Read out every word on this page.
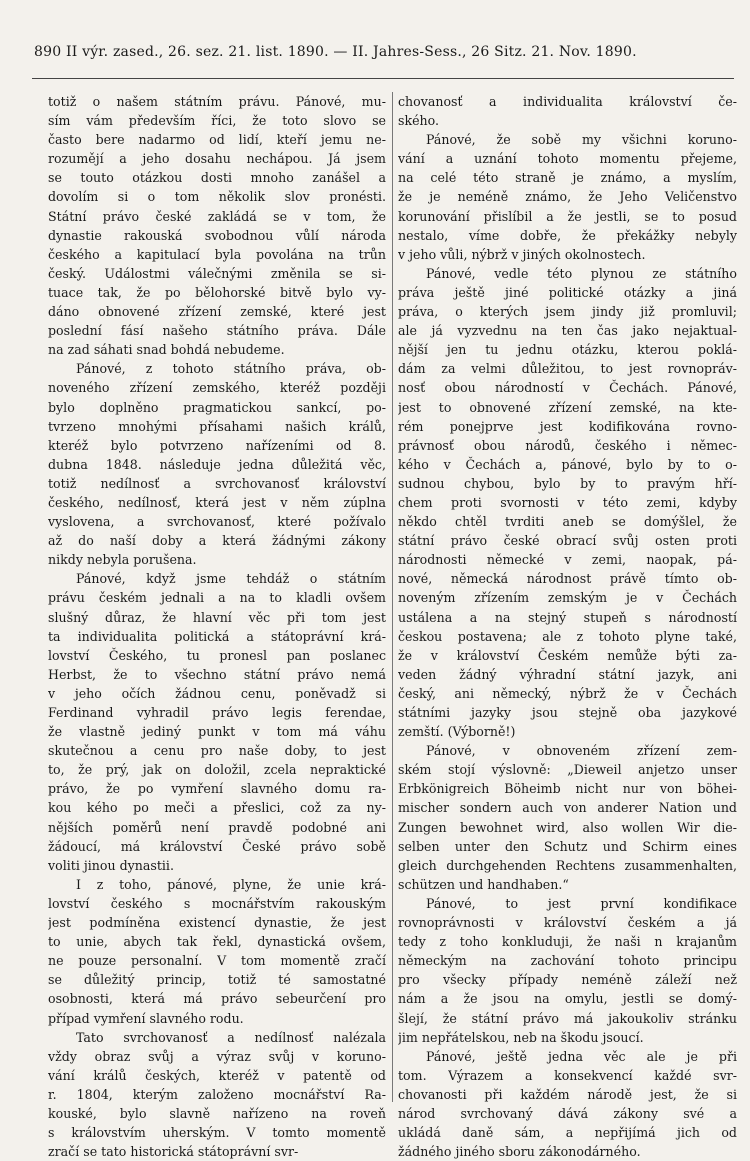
890 II výr. zased., 26. sez. 21. list. 1890. — II. Jahres-Sess., 26 Sitz. 21. Nov. 1890.
totiž o našem státním právu. Pánové, mu-
sím vám především říci, že toto slovo se
často bere nadarmo od lidí, kteří jemu ne-
rozumějí a jeho dosahu nechápou. Já jsem
se touto otázkou dosti mnoho zanášel a
dovolím si o tom několik slov pronésti.
Státní právo české zakládá se v tom, že
dynastie rakouská svobodnou vůlí národa
českého a kapitulací byla povolána na trůn
český. Událostmi válečnými změnila se si-
tuace tak, že po bělohorské bitvě bylo vy-
dáno obnovené zřízení zemské, které jest
poslední fásí našeho státního práva. Dále
na zad sáhati snad bohdá nebudeme.
Pánové, z tohoto státního práva, ob-
noveného zřízení zemského, kteréž později
bylo doplněno pragmatickou sankcí, po-
tvrzeno mnohými přísahami našich králů,
kteréž bylo potvrzeno nařízeními od 8.
dubna 1848. následuje jedna důležitá věc,
totiž nedílnosť a svrchovanosť království
českého, nedílnosť, která jest v něm zúplna
vyslovena, a svrchovanosť, které požívalo
až do naší doby a která žádnými zákony
nikdy nebyla porušena.
Pánové, když jsme tehdáž o státním
právu českém jednali a na to kladli ovšem
slušný důraz, že hlavní věc při tom jest
ta individualita politická a státoprávní krá-
lovství Českého, tu pronesl pan poslanec
Herbst, že to všechno státní právo nemá
v jeho očích žádnou cenu, poněvadž si
Ferdinand vyhradil právo legis ferendae,
že vlastně jediný punkt v tom má váhu
skutečnou a cenu pro naše doby, to jest
to, že prý, jak on doložil, zcela nepraktické
právo, že po vymření slavného domu ra-
kou kého po meči a přeslici, což za ny-
nějších poměrů není pravdě podobné ani
žádoucí, má království České právo sobě
voliti jinou dynastii.
I z toho, pánové, plyne, že unie krá-
lovství českého s mocnářstvím rakouským
jest podmíněna existencí dynastie, že jest
to unie, abych tak řekl, dynastická ovšem,
ne pouze personalní. V tom momentě zračí
se důležitý princip, totiž té samostatné
osobnosti, která má právo sebeurčení pro
případ vymření slavného rodu.
Tato svrchovanosť a nedílnosť nalézala
vždy obraz svůj a výraz svůj v koruno-
vání králů českých, kteréž v patentě od
r. 1804, kterým založeno mocnářství Ra-
kouské, bylo slavně nařízeno na roveň
s královstvím uherským. V tomto momentě
zračí se tato historická státoprávní svr-
chovanosť a individualita království če-
ského.
Pánové, že sobě my všichni koruno-
vání a uznání tohoto momentu přejeme,
na celé této straně je známo, a myslím,
že je neméně známo, že Jeho Veličenstvo
korunování přislíbil a že jestli, se to posud
nestalo, víme dobře, že překážky nebyly
v jeho vůli, nýbrž v jiných okolnostech.
Pánové, vedle této plynou ze státního
práva ještě jiné politické otázky a jiná
práva, o kterých jsem jindy již promluvil;
ale já vyzvednu na ten čas jako nejaktual-
nější jen tu jednu otázku, kterou poklá-
dám za velmi důležitou, to jest rovnopráv-
nosť obou národností v Čechách. Pánové,
jest to obnovené zřízení zemské, na kte-
rém ponejprve jest kodifikována rovno-
právnosť obou národů, českého i němec-
kého v Čechách a, pánové, bylo by to o-
sudnou chybou, bylo by to pravým hří-
chem proti svornosti v této zemi, kdyby
někdo chtěl tvrditi aneb se domýšlel, že
státní právo české obrací svůj osten proti
národnosti německé v zemi, naopak, pá-
nové, německá národnost právě tímto ob-
noveným zřízením zemským je v Čechách
ustálena a na stejný stupeň s národností
českou postavena; ale z tohoto plyne také,
že v království Českém nemůže býti za-
veden žádný výhradní státní jazyk, ani
český, ani německý, nýbrž že v Čechách
státními jazyky jsou stejně oba jazykové
zemští. (Výborně!)
Pánové, v obnoveném zřízení zem-
ském stojí výslovně: „Dieweil anjetzo unser
Erbkönigreich Böheimb nicht nur von böhei-
mischer sondern auch von anderer Nation und
Zungen bewohnet wird, also wollen Wir die-
selben unter den Schutz und Schirm eines
gleich durchgehenden Rechtens zusammenhalten,
schützen und handhaben.“
Pánové, to jest první kondifikace
rovnoprávnosti v království českém a já
tedy z toho konkluduji, že naši n krajanům
německým na zachování tohoto principu
pro všecky případy neméně záleží než
nám a že jsou na omylu, jestli se domý-
šlejí, že státní právo má jakoukoliv stránku
jim nepřátelskou, neb na škodu jsoucí.
Pánové, ještě jedna věc ale je při
tom. Výrazem a konsekvencí každé svr-
chovanosti při každém národě jest, že si
národ svrchovaný dává zákony své a
ukládá daně sám, a nepřijímá jich od
žádného jiného sboru zákonodárného.
